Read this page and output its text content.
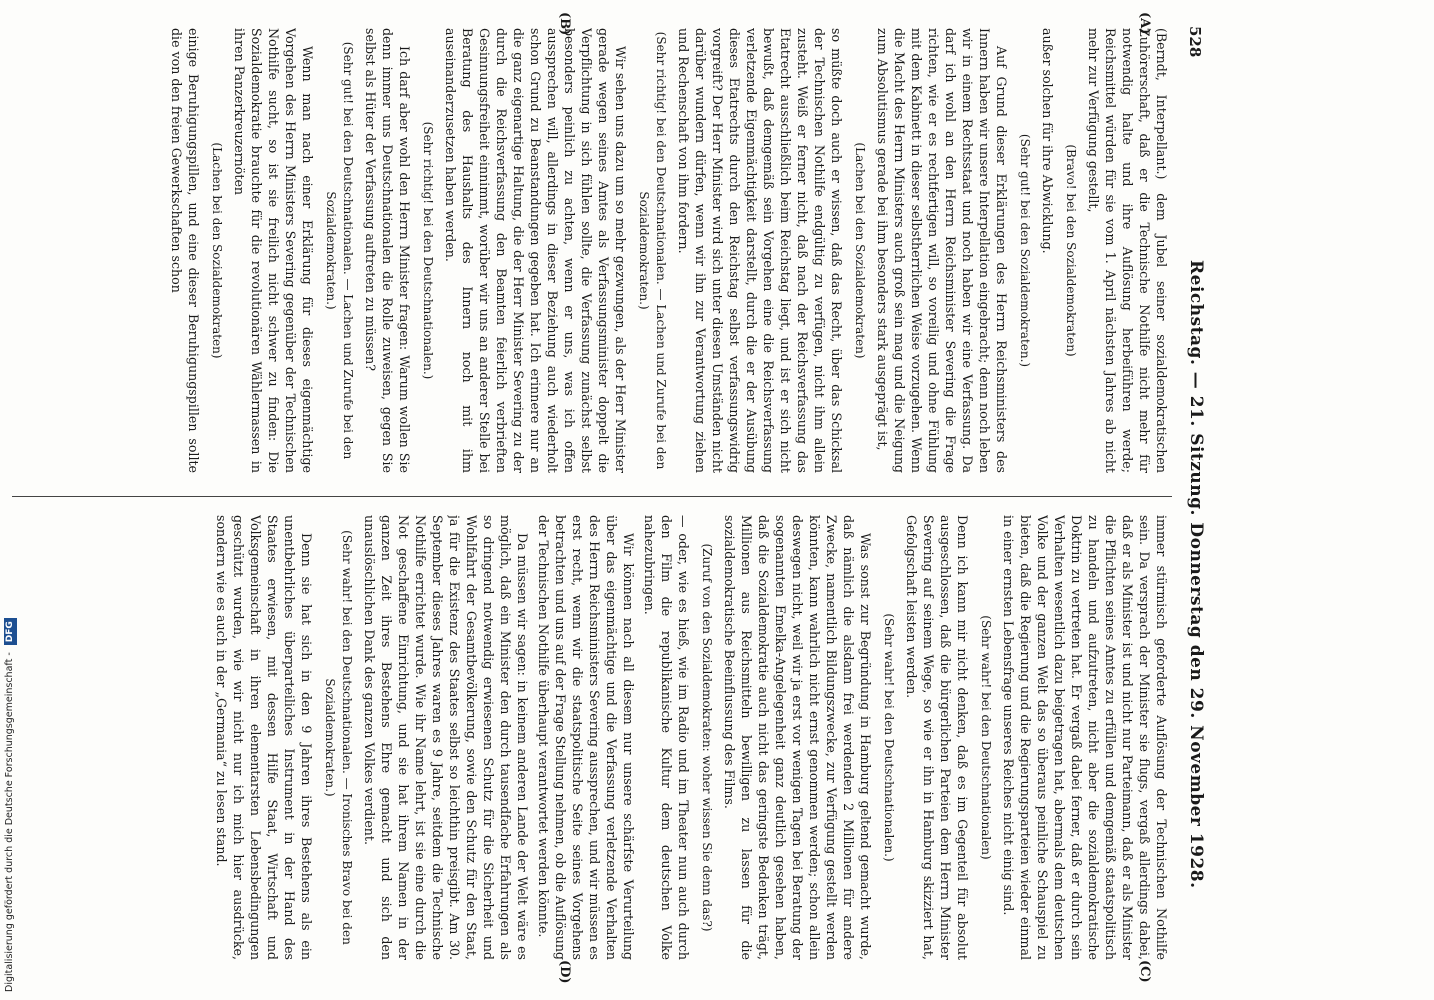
528
Reichstag. — 21. Sitzung. Donnerstag den 29. November 1928.
(A)
(B)
(C)
(D)

(Berndt, Interpellant.) dem Jubel seiner sozialdemokratischen Zuhörerschaft, daß er die Technische Nothilfe nicht mehr für notwendig halte und ihre Auflösung herbeiführen werde; Reichsmittel würden für sie vom 1. April nächsten Jahres ab nicht mehr zur Verfügung gestellt,

(Bravo! bei den Sozialdemokraten)

außer solchen für ihre Abwicklung.

(Sehr gut! bei den Sozialdemokraten.)

Auf Grund dieser Erklärungen des Herrn Reichsministers des Innern haben wir unsere Interpellation eingebracht; denn noch leben wir in einem Rechtsstaat und noch haben wir eine Verfassung. Da darf ich wohl an den Herrn Reichsminister Severing die Frage richten, wie er es rechtfertigen will, so voreilig und ohne Fühlung mit dem Kabinett in dieser selbstherrlichen Weise vorzugehen. Wenn die Macht des Herrn Ministers auch groß sein mag und die Neigung zum Absolutismus gerade bei ihm besonders stark ausgeprägt ist,

(Lachen bei den Sozialdemokraten)

so müßte doch auch er wissen, daß das Recht, über das Schicksal der Technischen Nothilfe endgültig zu verfügen, nicht ihm allein zusteht. Weiß er ferner nicht, daß nach der Reichsverfassung das Etatrecht ausschließlich beim Reichstag liegt, und ist er sich nicht bewußt, daß demgemäß sein Vorgehen eine die Reichsverfassung verletzende Eigenmächtigkeit darstellt, durch die er der Ausübung dieses Etatrechts durch den Reichstag selbst verfassungswidrig vorgreift? Der Herr Minister wird sich unter diesen Umständen nicht darüber wundern dürfen, wenn wir ihn zur Verantwortung ziehen und Rechenschaft von ihm fordern.

(Sehr richtig! bei den Deutschnationalen. — Lachen und Zurufe bei den Sozialdemokraten.)

Wir sehen uns dazu um so mehr gezwungen, als der Herr Minister gerade wegen seines Amtes als Verfassungsminister doppelt die Verpflichtung in sich fühlen sollte, die Verfassung zunächst selbst besonders peinlich zu achten, wenn er uns, was ich offen aussprechen will, allerdings in dieser Beziehung auch wiederholt schon Grund zu Beanstandungen gegeben hat. Ich erinnere nur an die ganz eigenartige Haltung, die der Herr Minister Severing zu der durch die Reichsverfassung den Beamten feierlich verbrieften Gesinnungsfreiheit einnimmt, worüber wir uns an anderer Stelle bei Beratung des Haushalts des Innern noch mit ihm auseinanderzusetzen haben werden.

(Sehr richtig! bei den Deutschnationalen.)

Ich darf aber wohl den Herrn Minister fragen: Warum wollen Sie denn immer uns Deutschnationalen die Rolle zuweisen, gegen Sie selbst als Hüter der Verfassung auftreten zu müssen?

(Sehr gut! bei den Deutschnationalen. — Lachen und Zurufe bei den Sozialdemokraten.)

Wenn man nach einer Erklärung für dieses eigenmächtige Vorgehen des Herrn Ministers Severing gegenüber der Technischen Nothilfe sucht, so ist sie freilich nicht schwer zu finden: Die Sozialdemokratie brauchte für die revolutionären Wählermassen in ihren Panzerkreuzernöten

(Lachen bei den Sozialdemokraten)

einige Beruhigungspillen, und eine dieser Beruhigungspillen sollte die von den freien Gewerkschaften schon

immer stürmisch geforderte Auflösung der Technischen Nothilfe sein. Da versprach der Minister sie flugs, vergaß allerdings dabei, daß er als Minister ist und nicht nur Parteimann, daß er als Minister die Pflichten seines Amtes zu erfüllen und demgemäß staatspolitisch zu handeln und aufzutreten, nicht aber die sozialdemokratische Doktrin zu vertreten hat. Er vergaß dabei ferner, daß er durch sein Verhalten wesentlich dazu beigetragen hat, abermals dem deutschen Volke und der ganzen Welt das so überaus peinliche Schauspiel zu bieten, daß die Regierung und die Regierungsparteien wieder einmal in einer ernsten Lebensfrage unseres Reiches nicht einig sind.

(Sehr wahr! bei den Deutschnationalen)

Denn ich kann mir nicht denken, daß es im Gegenteil für absolut ausgeschlossen, daß die bürgerlichen Parteien dem Herrn Minister Severing auf seinem Wege, so wie er ihn in Hamburg skizziert hat, Gefolgschaft leisten werden.

(Sehr wahr! bei den Deutschnationalen.)

Was sonst zur Begründung in Hamburg geltend gemacht wurde, daß nämlich die alsdann frei werdenden 2 Millionen für andere Zwecke, namentlich Bildungszwecke, zur Verfügung gestellt werden könnten, kann wahrlich nicht ernst genommen werden; schon allein deswegen nicht, weil wir ja erst vor wenigen Tagen bei Beratung der sogenannten Emelka-Angelegenheit ganz deutlich gesehen haben, daß die Sozialdemokratie auch nicht das geringste Bedenken trägt, Millionen aus Reichsmitteln bewilligen zu lassen für die sozialdemokratische Beeinflussung des Films.

(Zuruf von den Sozialdemokraten: woher wissen Sie denn das?)

— oder, wie es hieß, wie im Radio und im Theater nun auch durch den Film die republikanische Kultur dem deutschen Volke nahezubringen.

Wir können nach all diesem nur unsere schärfste Verurteilung über das eigenmächtige und die Verfassung verletzende Verhalten des Herrn Reichsministers Severing aussprechen, und wir müssen es erst recht, wenn wir die staatspolitische Seite seines Vorgehens betrachten und uns auf der Frage Stellung nehmen, ob die Auflösung der Technischen Nothilfe überhaupt verantwortet werden könnte.

Da müssen wir sagen: in keinem anderen Lande der Welt wäre es möglich, daß ein Minister den durch tausendfache Erfahrungen als so dringend notwendig erwiesenen Schutz für die Sicherheit und Wohlfahrt der Gesamtbevölkerung, sowie den Schutz für den Staat, ja für die Existenz des Staates selbst so leichthin preisgibt. Am 30. September dieses Jahres waren es 9 Jahre, seitdem die Technische Nothilfe errichtet wurde. Wie ihr Name lehrt, ist sie eine durch die Not geschaffene Einrichtung, und sie hat ihrem Namen in der ganzen Zeit ihres Bestehens Ehre gemacht und sich den unauslöschlichen Dank des ganzen Volkes verdient.

(Sehr wahr! bei den Deutschnationalen. — Ironisches Bravo bei den Sozialdemokraten.)

Denn sie hat sich in den 9 Jahren ihres Bestehens als ein unentbehrliches überparteiliches Instrument in der Hand des Staates erwiesen, mit dessen Hilfe Staat, Wirtschaft und Volksgemeinschaft in ihren elementarsten Lebensbedingungen geschützt wurden, wie wir nicht nur ich mich hier ausdrücke, sondern wie es auch in der „Germania“ zu lesen stand.

Digitalisierung gefördert durch die Deutsche Forschungsgemeinschaft - DFG
